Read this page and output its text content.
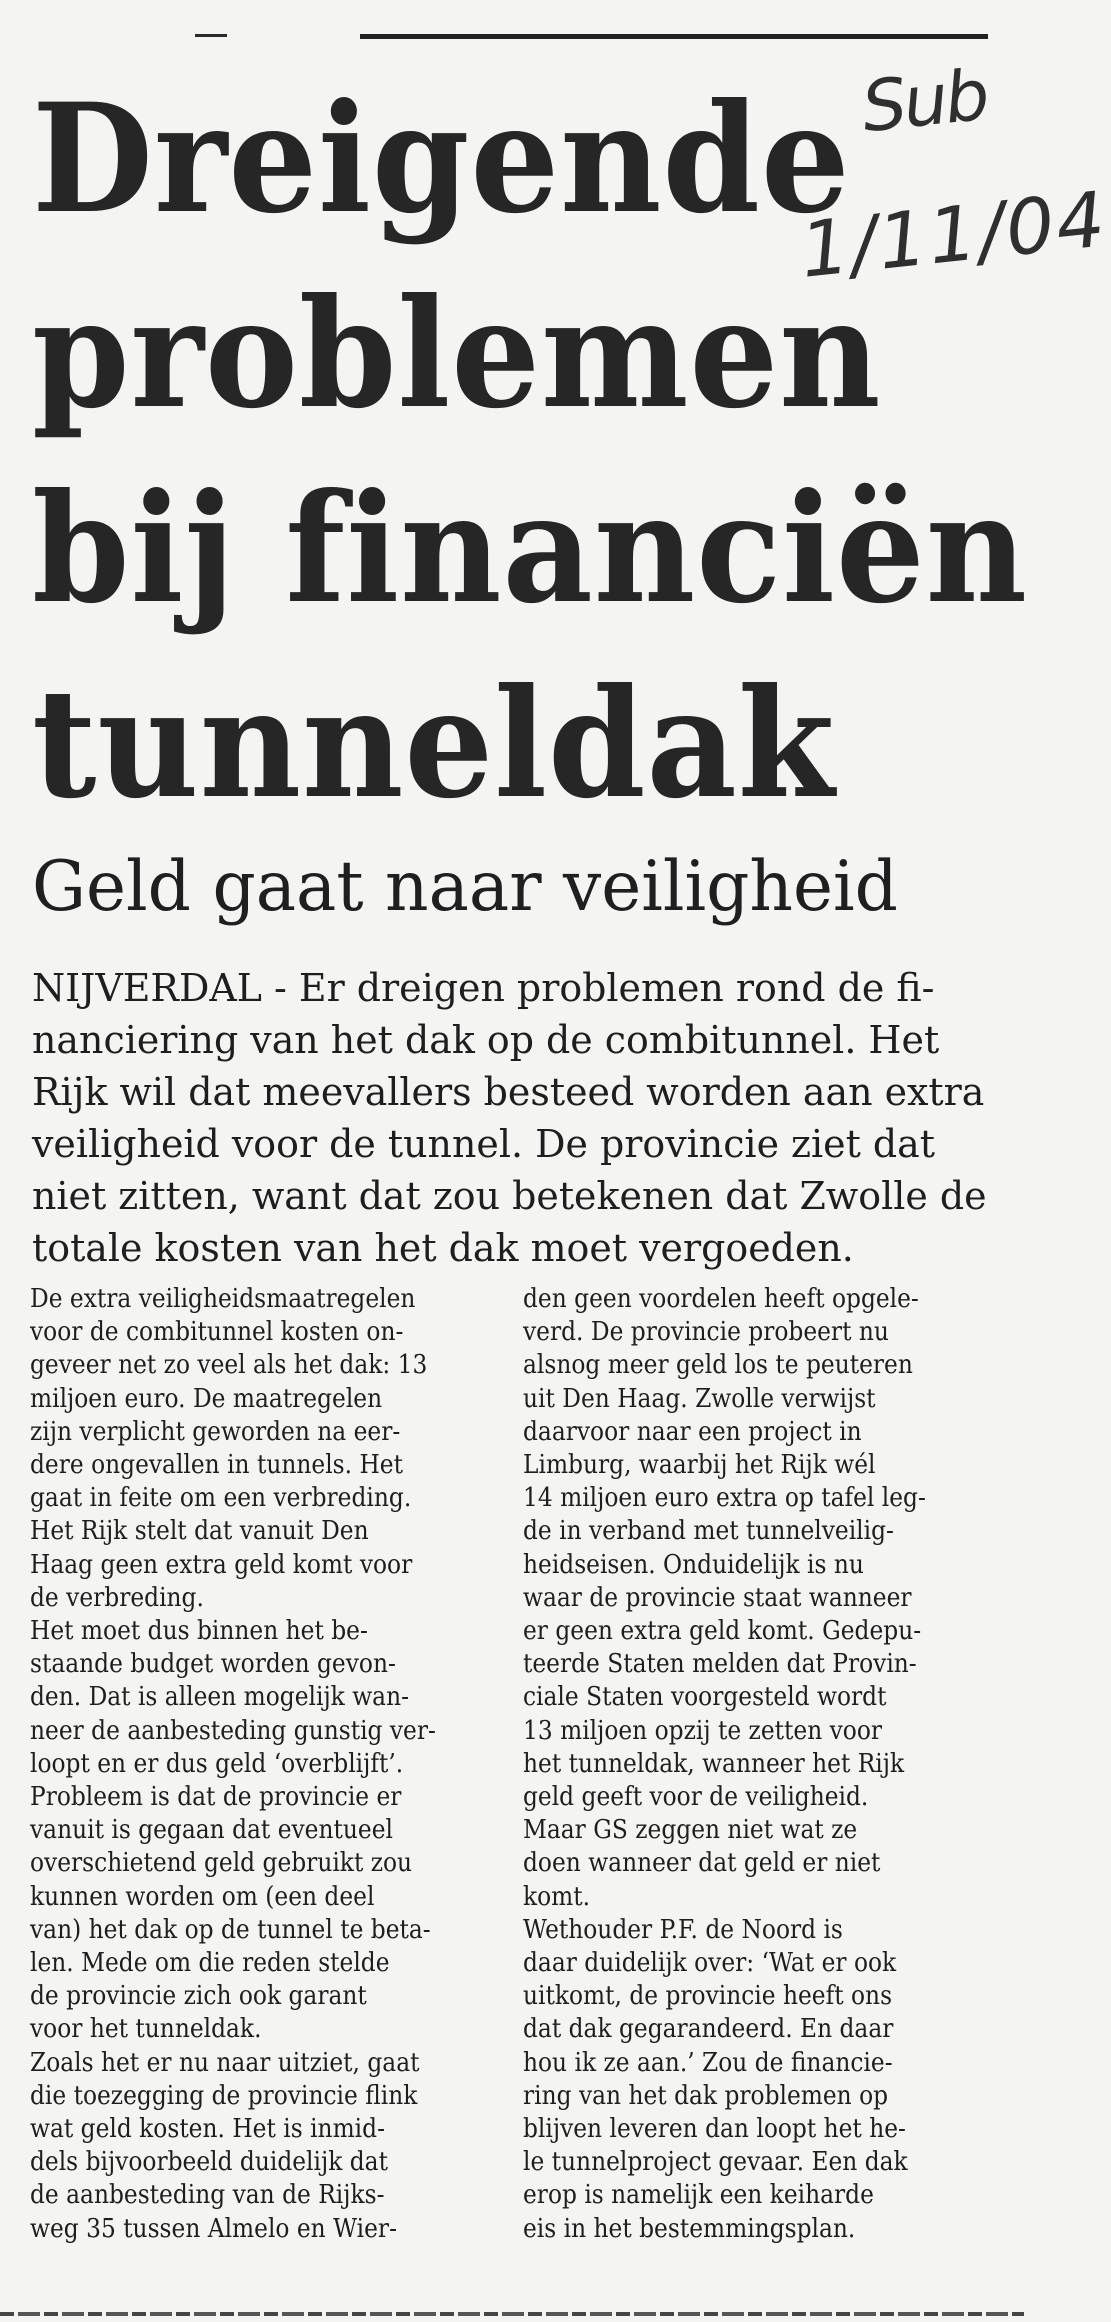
Dreigende
problemen
bij financiën
tunneldak
Sub
1/11/04
Geld gaat naar veiligheid

NIJVERDAL - Er dreigen problemen rond de fi-
nanciering van het dak op de combitunnel. Het
Rijk wil dat meevallers besteed worden aan extra
veiligheid voor de tunnel. De provincie ziet dat
niet zitten, want dat zou betekenen dat Zwolle de
totale kosten van het dak moet vergoeden.

De extra veiligheidsmaatregelen
voor de combitunnel kosten on-
geveer net zo veel als het dak: 13
miljoen euro. De maatregelen
zijn verplicht geworden na eer-
dere ongevallen in tunnels. Het
gaat in feite om een verbreding.
Het Rijk stelt dat vanuit Den
Haag geen extra geld komt voor
de verbreding.
Het moet dus binnen het be-
staande budget worden gevon-
den. Dat is alleen mogelijk wan-
neer de aanbesteding gunstig ver-
loopt en er dus geld ‘overblijft’.
Probleem is dat de provincie er
vanuit is gegaan dat eventueel
overschietend geld gebruikt zou
kunnen worden om (een deel
van) het dak op de tunnel te beta-
len. Mede om die reden stelde
de provincie zich ook garant
voor het tunneldak.
Zoals het er nu naar uitziet, gaat
die toezegging de provincie flink
wat geld kosten. Het is inmid-
dels bijvoorbeeld duidelijk dat
de aanbesteding van de Rijks-
weg 35 tussen Almelo en Wier-
den geen voordelen heeft opgele-
verd. De provincie probeert nu
alsnog meer geld los te peuteren
uit Den Haag. Zwolle verwijst
daarvoor naar een project in
Limburg, waarbij het Rijk wél
14 miljoen euro extra op tafel leg-
de in verband met tunnelveilig-
heidseisen. Onduidelijk is nu
waar de provincie staat wanneer
er geen extra geld komt. Gedepu-
teerde Staten melden dat Provin-
ciale Staten voorgesteld wordt
13 miljoen opzij te zetten voor
het tunneldak, wanneer het Rijk
geld geeft voor de veiligheid.
Maar GS zeggen niet wat ze
doen wanneer dat geld er niet
komt.
Wethouder P.F. de Noord is
daar duidelijk over: ‘Wat er ook
uitkomt, de provincie heeft ons
dat dak gegarandeerd. En daar
hou ik ze aan.’ Zou de financie-
ring van het dak problemen op
blijven leveren dan loopt het he-
le tunnelproject gevaar. Een dak
erop is namelijk een keiharde
eis in het bestemmingsplan.
